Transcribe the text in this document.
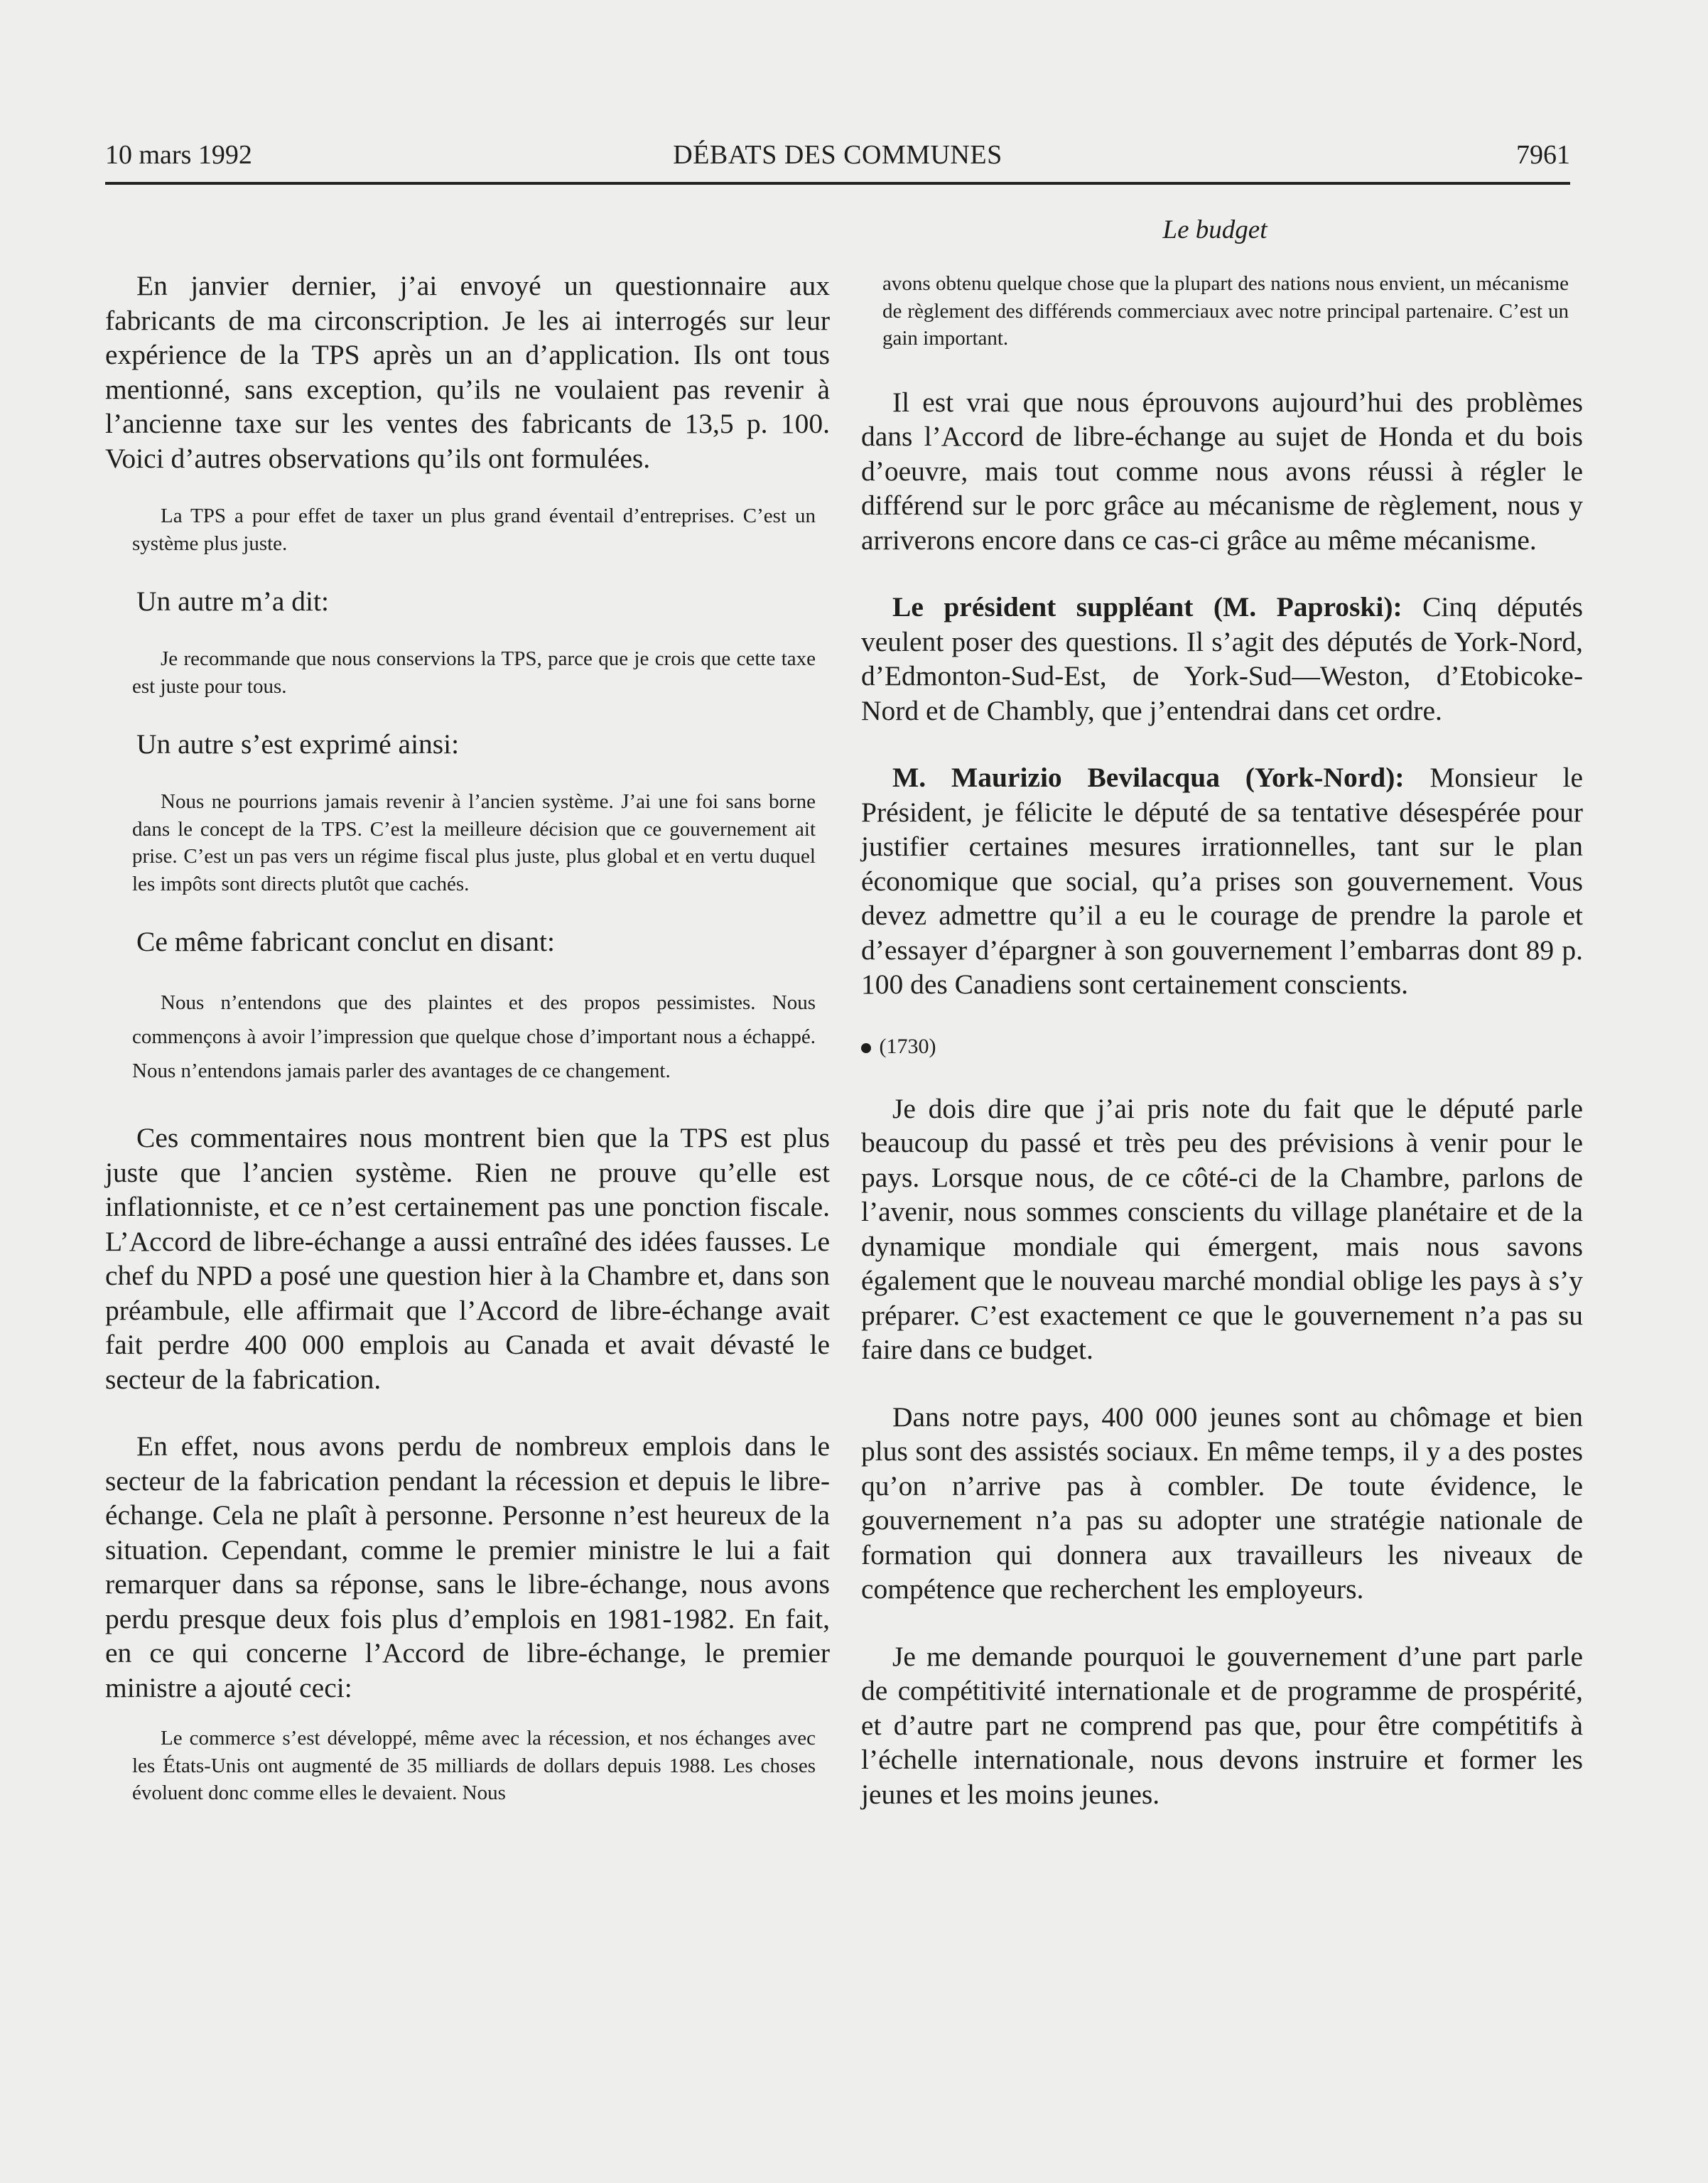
10 mars 1992	DÉBATS DES COMMUNES	7961
Le budget

En janvier dernier, j’ai envoyé un questionnaire aux fabricants de ma circonscription. Je les ai interrogés sur leur expérience de la TPS après un an d’application. Ils ont tous mentionné, sans exception, qu’ils ne voulaient pas revenir à l’ancienne taxe sur les ventes des fabricants de 13,5 p. 100. Voici d’autres observations qu’ils ont formulées.

La TPS a pour effet de taxer un plus grand éventail d’entreprises. C’est un système plus juste.

Un autre m’a dit:

Je recommande que nous conservions la TPS, parce que je crois que cette taxe est juste pour tous.

Un autre s’est exprimé ainsi:

Nous ne pourrions jamais revenir à l’ancien système. J’ai une foi sans borne dans le concept de la TPS. C’est la meilleure décision que ce gouvernement ait prise. C’est un pas vers un régime fiscal plus juste, plus global et en vertu duquel les impôts sont directs plutôt que cachés.

Ce même fabricant conclut en disant:

Nous n’entendons que des plaintes et des propos pessimistes. Nous commençons à avoir l’impression que quelque chose d’important nous a échappé. Nous n’entendons jamais parler des avantages de ce changement.

Ces commentaires nous montrent bien que la TPS est plus juste que l’ancien système. Rien ne prouve qu’elle est inflationniste, et ce n’est certainement pas une ponction fiscale. L’Accord de libre-échange a aussi entraîné des idées fausses. Le chef du NPD a posé une question hier à la Chambre et, dans son préambule, elle affirmait que l’Accord de libre-échange avait fait perdre 400 000 emplois au Canada et avait dévasté le secteur de la fabrication.

En effet, nous avons perdu de nombreux emplois dans le secteur de la fabrication pendant la récession et depuis le libre-échange. Cela ne plaît à personne. Personne n’est heureux de la situation. Cependant, comme le premier ministre le lui a fait remarquer dans sa réponse, sans le libre-échange, nous avons perdu presque deux fois plus d’emplois en 1981-1982. En fait, en ce qui concerne l’Accord de libre-échange, le premier ministre a ajouté ceci:

Le commerce s’est développé, même avec la récession, et nos échanges avec les États-Unis ont augmenté de 35 milliards de dollars depuis 1988. Les choses évoluent donc comme elles le devaient. Nous

avons obtenu quelque chose que la plupart des nations nous envient, un mécanisme de règlement des différends commerciaux avec notre principal partenaire. C’est un gain important.

Il est vrai que nous éprouvons aujourd’hui des problèmes dans l’Accord de libre-échange au sujet de Honda et du bois d’oeuvre, mais tout comme nous avons réussi à régler le différend sur le porc grâce au mécanisme de règlement, nous y arriverons encore dans ce cas-ci grâce au même mécanisme.

Le président suppléant (M. Paproski): Cinq députés veulent poser des questions. Il s’agit des députés de York-Nord, d’Edmonton-Sud-Est, de York-Sud—Weston, d’Etobicoke-Nord et de Chambly, que j’entendrai dans cet ordre.

M. Maurizio Bevilacqua (York-Nord): Monsieur le Président, je félicite le député de sa tentative désespérée pour justifier certaines mesures irrationnelles, tant sur le plan économique que social, qu’a prises son gouvernement. Vous devez admettre qu’il a eu le courage de prendre la parole et d’essayer d’épargner à son gouvernement l’embarras dont 89 p. 100 des Canadiens sont certainement conscients.

(1730)

Je dois dire que j’ai pris note du fait que le député parle beaucoup du passé et très peu des prévisions à venir pour le pays. Lorsque nous, de ce côté-ci de la Chambre, parlons de l’avenir, nous sommes conscients du village planétaire et de la dynamique mondiale qui émergent, mais nous savons également que le nouveau marché mondial oblige les pays à s’y préparer. C’est exactement ce que le gouvernement n’a pas su faire dans ce budget.

Dans notre pays, 400 000 jeunes sont au chômage et bien plus sont des assistés sociaux. En même temps, il y a des postes qu’on n’arrive pas à combler. De toute évidence, le gouvernement n’a pas su adopter une stratégie nationale de formation qui donnera aux travailleurs les niveaux de compétence que recherchent les employeurs.

Je me demande pourquoi le gouvernement d’une part parle de compétitivité internationale et de programme de prospérité, et d’autre part ne comprend pas que, pour être compétitifs à l’échelle internationale, nous devons instruire et former les jeunes et les moins jeunes.
